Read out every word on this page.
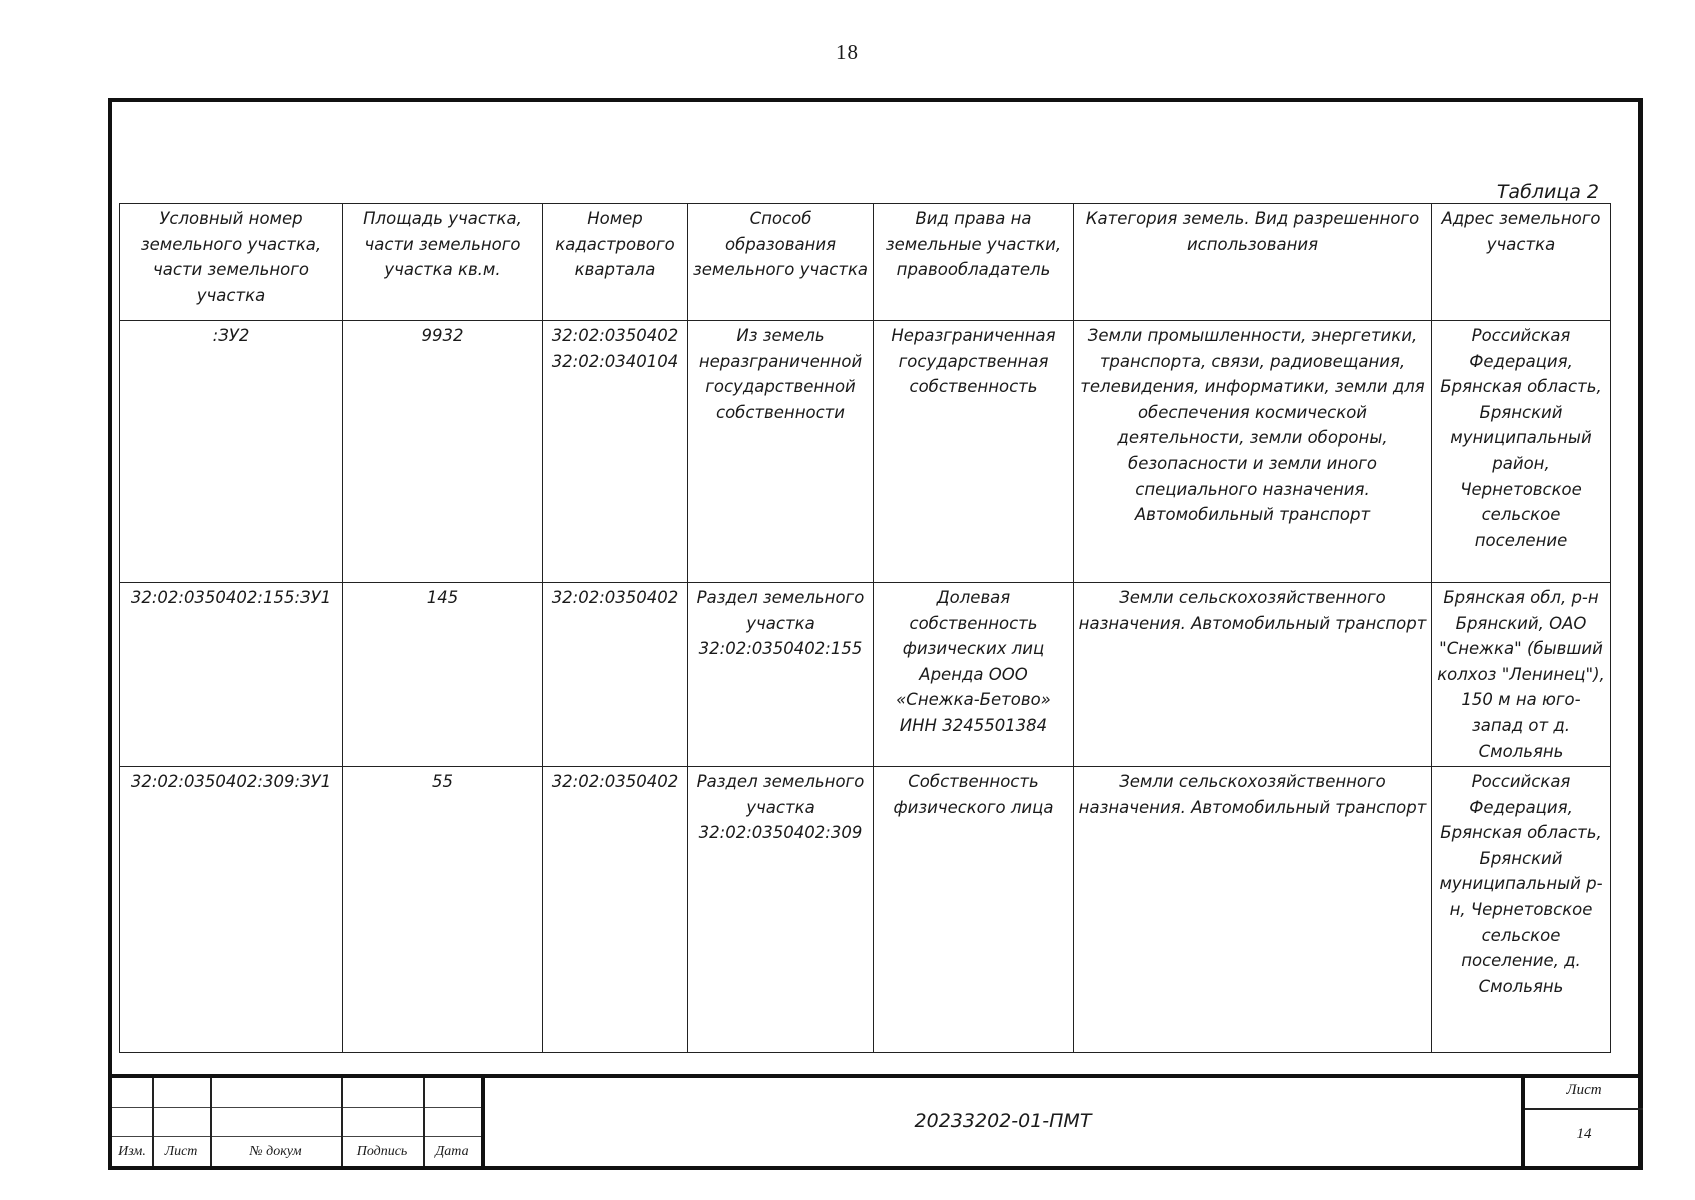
18
Таблица 2
Условный номер земельного участка, части земельного участка	Площадь участка, части земельного участка кв.м.	Номер кадастрового квартала	Способ образования земельного участка	Вид права на земельные участки, правообладатель	Категория земель. Вид разрешенного использования	Адрес земельного участка
:ЗУ2	9932	32:02:0350402 32:02:0340104	Из земель неразграниченной государственной собственности	Неразграниченная государственная собственность	Земли промышленности, энергетики, транспорта, связи, радиовещания, телевидения, информатики, земли для обеспечения космической деятельности, земли обороны, безопасности и земли иного специального назначения. Автомобильный транспорт	Российская Федерация, Брянская область, Брянский муниципальный район, Чернетовское сельское поселение
32:02:0350402:155:ЗУ1	145	32:02:0350402	Раздел земельного участка 32:02:0350402:155	Долевая собственность физических лиц Аренда ООО «Снежка-Бетово» ИНН 3245501384	Земли сельскохозяйственного назначения. Автомобильный транспорт	Брянская обл, р-н Брянский, ОАО "Снежка" (бывший колхоз "Ленинец"), 150 м на юго-запад от д. Смольянь
32:02:0350402:309:ЗУ1	55	32:02:0350402	Раздел земельного участка 32:02:0350402:309	Собственность физического лица	Земли сельскохозяйственного назначения. Автомобильный транспорт	Российская Федерация, Брянская область, Брянский муниципальный р-н, Чернетовское сельское поселение, д. Смольянь
Изм.	Лист	№ докум	Подпись	Дата
20233202-01-ПМТ
Лист
14
